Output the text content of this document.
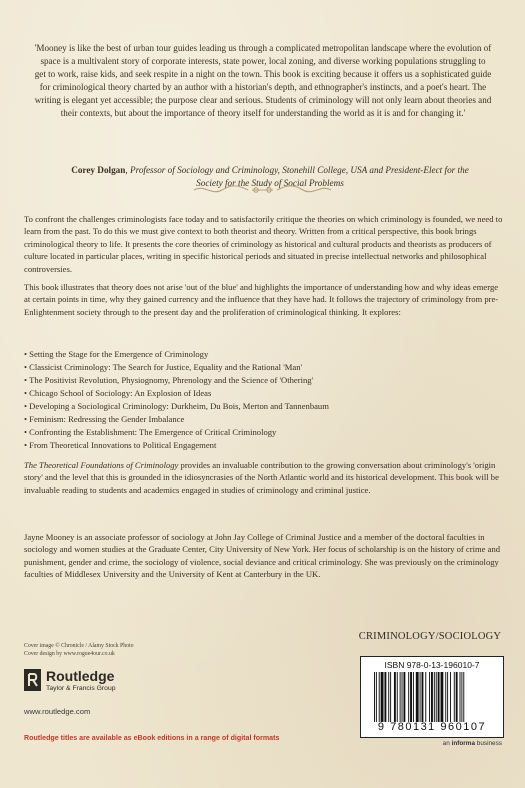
'Mooney is like the best of urban tour guides leading us through a complicated metropolitan landscape where the evolution of space is a multivalent story of corporate interests, state power, local zoning, and diverse working populations struggling to get to work, raise kids, and seek respite in a night on the town. This book is exciting because it offers us a sophisticated guide for criminological theory charted by an author with a historian's depth, and ethnographer's instincts, and a poet's heart. The writing is elegant yet accessible; the purpose clear and serious. Students of criminology will not only learn about theories and their contexts, but about the importance of theory itself for understanding the world as it is and for changing it.'
Corey Dolgan, Professor of Sociology and Criminology, Stonehill College, USA and President-Elect for the Society for the Study of Social Problems
To confront the challenges criminologists face today and to satisfactorily critique the theories on which criminology is founded, we need to learn from the past. To do this we must give context to both theorist and theory. Written from a critical perspective, this book brings criminological theory to life. It presents the core theories of criminology as historical and cultural products and theorists as producers of culture located in particular places, writing in specific historical periods and situated in precise intellectual networks and philosophical controversies.
This book illustrates that theory does not arise 'out of the blue' and highlights the importance of understanding how and why ideas emerge at certain points in time, why they gained currency and the influence that they have had. It follows the trajectory of criminology from pre-Enlightenment society through to the present day and the proliferation of criminological thinking. It explores:
• Setting the Stage for the Emergence of Criminology
• Classicist Criminology: The Search for Justice, Equality and the Rational 'Man'
• The Positivist Revolution, Physiognomy, Phrenology and the Science of 'Othering'
• Chicago School of Sociology: An Explosion of Ideas
• Developing a Sociological Criminology: Durkheim, Du Bois, Merton and Tannenbaum
• Feminism: Redressing the Gender Imbalance
• Confronting the Establishment: The Emergence of Critical Criminology
• From Theoretical Innovations to Political Engagement
The Theoretical Foundations of Criminology provides an invaluable contribution to the growing conversation about criminology's 'origin story' and the level that this is grounded in the idiosyncrasies of the North Atlantic world and its historical development. This book will be invaluable reading to students and academics engaged in studies of criminology and criminal justice.
Jayne Mooney is an associate professor of sociology at John Jay College of Criminal Justice and a member of the doctoral faculties in sociology and women studies at the Graduate Center, City University of New York. Her focus of scholarship is on the history of crime and punishment, gender and crime, the sociology of violence, social deviance and critical criminology. She was previously on the criminology faculties of Middlesex University and the University of Kent at Canterbury in the UK.
CRIMINOLOGY/SOCIOLOGY
Cover image © Chronicle / Alamy Stock Photo
Cover design by www.rogue4our.co.uk
Routledge
Taylor & Francis Group
www.routledge.com
Routledge titles are available as eBook editions in a range of digital formats
ISBN 978-0-13-196010-7
9 780131 960107
an informa business
